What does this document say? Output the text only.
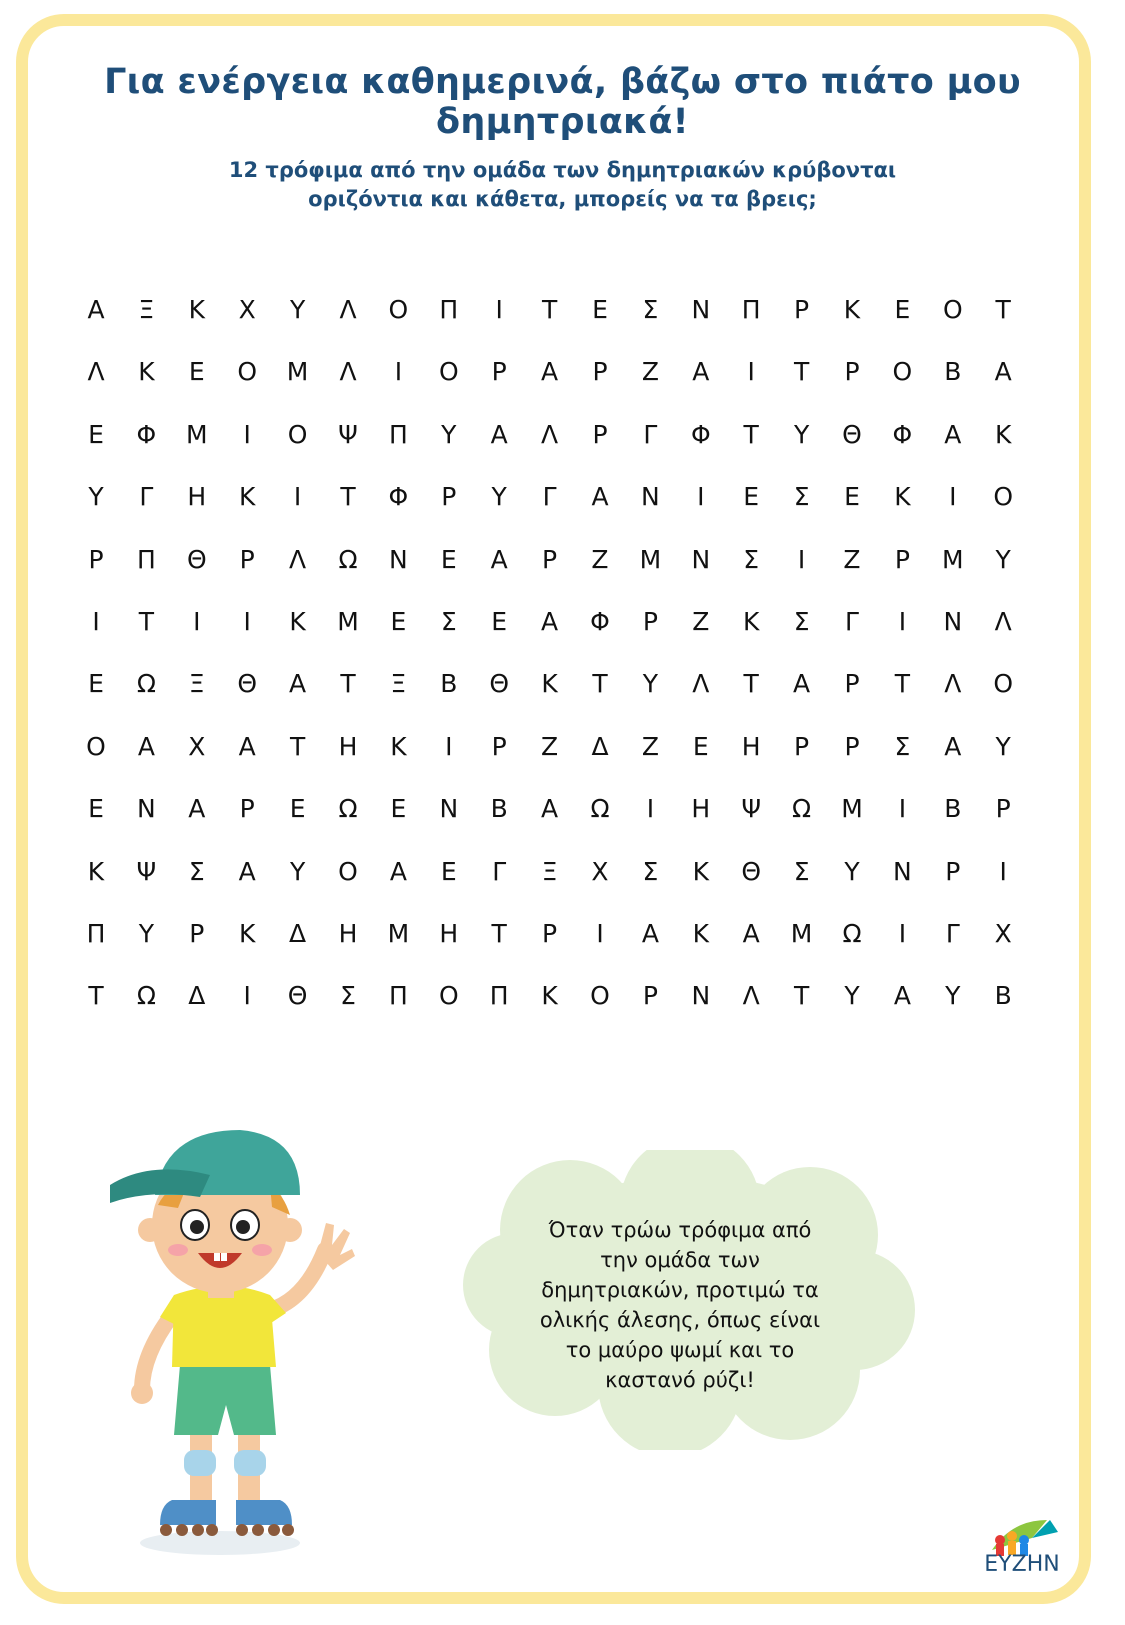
Για ενέργεια καθημερινά, βάζω στο πιάτο μου δημητριακά!
12 τρόφιμα από την ομάδα των δημητριακών κρύβονται
οριζόντια και κάθετα, μπορείς να τα βρεις;
Α	Ξ	Κ	Χ	Υ	Λ	Ο	Π	Ι	Τ	Ε	Σ	Ν	Π	Ρ	Κ	Ε	Ο	Τ
Λ	Κ	Ε	Ο	Μ	Λ	Ι	Ο	Ρ	Α	Ρ	Ζ	Α	Ι	Τ	Ρ	Ο	Β	Α
Ε	Φ	Μ	Ι	Ο	Ψ	Π	Υ	Α	Λ	Ρ	Γ	Φ	Τ	Υ	Θ	Φ	Α	Κ
Υ	Γ	Η	Κ	Ι	Τ	Φ	Ρ	Υ	Γ	Α	Ν	Ι	Ε	Σ	Ε	Κ	Ι	Ο
Ρ	Π	Θ	Ρ	Λ	Ω	Ν	Ε	Α	Ρ	Ζ	Μ	Ν	Σ	Ι	Ζ	Ρ	Μ	Υ
Ι	Τ	Ι	Ι	Κ	Μ	Ε	Σ	Ε	Α	Φ	Ρ	Ζ	Κ	Σ	Γ	Ι	Ν	Λ
Ε	Ω	Ξ	Θ	Α	Τ	Ξ	Β	Θ	Κ	Τ	Υ	Λ	Τ	Α	Ρ	Τ	Λ	Ο
Ο	Α	Χ	Α	Τ	Η	Κ	Ι	Ρ	Ζ	Δ	Ζ	Ε	Η	Ρ	Ρ	Σ	Α	Υ
Ε	Ν	Α	Ρ	Ε	Ω	Ε	Ν	Β	Α	Ω	Ι	Η	Ψ	Ω	Μ	Ι	Β	Ρ
Κ	Ψ	Σ	Α	Υ	Ο	Α	Ε	Γ	Ξ	Χ	Σ	Κ	Θ	Σ	Υ	Ν	Ρ	Ι
Π	Υ	Ρ	Κ	Δ	Η	Μ	Η	Τ	Ρ	Ι	Α	Κ	Α	Μ	Ω	Ι	Γ	Χ
Τ	Ω	Δ	Ι	Θ	Σ	Π	Ο	Π	Κ	Ο	Ρ	Ν	Λ	Τ	Υ	Α	Υ	Β
Όταν τρώω τρόφιμα από
την ομάδα των
δημητριακών, προτιμώ τα
ολικής άλεσης, όπως είναι
το μαύρο ψωμί και το
καστανό ρύζι!
ΕΥΖΗΝ
